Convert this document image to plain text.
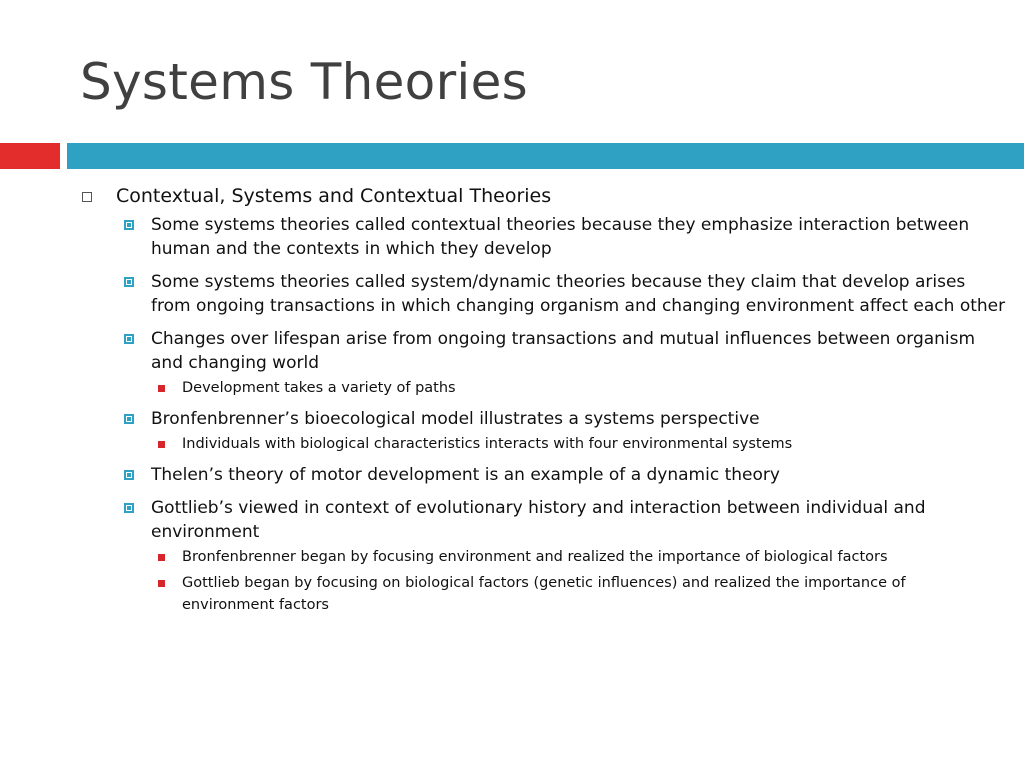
Systems Theories
Contextual, Systems and Contextual Theories
Some systems theories called contextual theories because they emphasize interaction between human and the contexts in which they develop
Some systems theories called system/dynamic theories because they claim that develop arises from ongoing transactions in which changing organism and changing environment affect each other
Changes over lifespan arise from ongoing transactions and mutual influences between organism and changing world
Development takes a variety of paths
Bronfenbrenner’s bioecological model illustrates a systems perspective
Individuals with biological characteristics interacts with four environmental systems
Thelen’s theory of motor development is an example of a dynamic theory
Gottlieb’s viewed in context of evolutionary history and interaction between individual and environment
Bronfenbrenner began by focusing environment and realized the importance of biological factors
Gottlieb began by focusing on biological factors (genetic influences) and realized the importance of environment factors
